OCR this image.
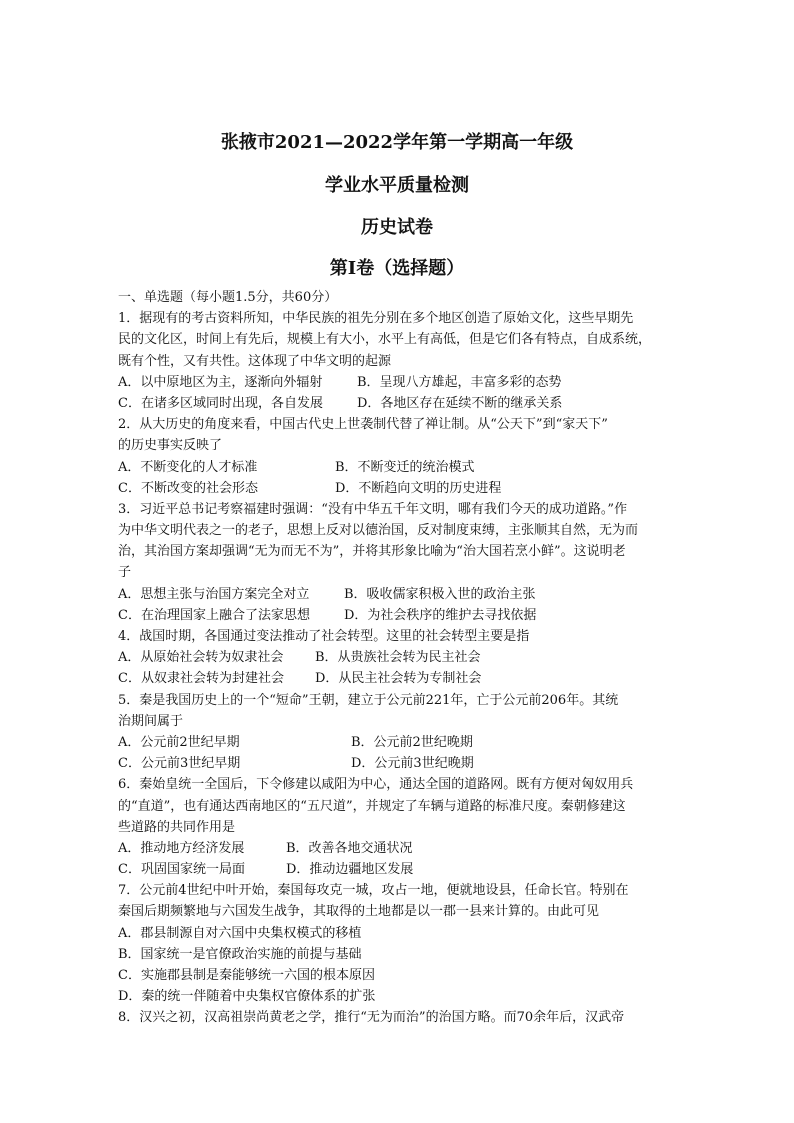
张掖市2021—2022学年第一学期高一年级
学业水平质量检测
历史试卷
第Ⅰ卷（选择题）
一、单选题（每小题1.5分，共60分）
1．据现有的考古资料所知，中华民族的祖先分别在多个地区创造了原始文化，这些早期先
民的文化区，时间上有先后，规模上有大小，水平上有高低，但是它们各有特点，自成系统，
既有个性，又有共性。这体现了中华文明的起源
A．以中原地区为主，逐渐向外辐射	B．呈现八方雄起，丰富多彩的态势
C．在诸多区域同时出现，各自发展	D．各地区存在延续不断的继承关系
2．从大历史的角度来看，中国古代史上世袭制代替了禅让制。从“公天下”到“家天下”
的历史事实反映了
A．不断变化的人才标准	B．不断变迁的统治模式
C．不断改变的社会形态	D．不断趋向文明的历史进程
3．习近平总书记考察福建时强调：“没有中华五千年文明，哪有我们今天的成功道路。”作
为中华文明代表之一的老子，思想上反对以德治国，反对制度束缚，主张顺其自然，无为而
治，其治国方案却强调“无为而无不为”，并将其形象比喻为“治大国若烹小鲜”。这说明老
子
A．思想主张与治国方案完全对立	B．吸收儒家积极入世的政治主张
C．在治理国家上融合了法家思想	D．为社会秩序的维护去寻找依据
4．战国时期，各国通过变法推动了社会转型。这里的社会转型主要是指
A．从原始社会转为奴隶社会	B．从贵族社会转为民主社会
C．从奴隶社会转为封建社会	D．从民主社会转为专制社会
5．秦是我国历史上的一个“短命”王朝，建立于公元前221年，亡于公元前206年。其统
治期间属于
A．公元前2世纪早期	B．公元前2世纪晚期
C．公元前3世纪早期	D．公元前3世纪晚期
6．秦始皇统一全国后，下令修建以咸阳为中心，通达全国的道路网。既有方便对匈奴用兵
的“直道”，也有通达西南地区的“五尺道”，并规定了车辆与道路的标准尺度。秦朝修建这
些道路的共同作用是
A．推动地方经济发展	B．改善各地交通状况
C．巩固国家统一局面	D．推动边疆地区发展
7．公元前4世纪中叶开始，秦国每攻克一城，攻占一地，便就地设县，任命长官。特别在
秦国后期频繁地与六国发生战争，其取得的土地都是以一郡一县来计算的。由此可见
A．郡县制源自对六国中央集权模式的移植
B．国家统一是官僚政治实施的前提与基础
C．实施郡县制是秦能够统一六国的根本原因
D．秦的统一伴随着中央集权官僚体系的扩张
8．汉兴之初，汉高祖崇尚黄老之学，推行“无为而治”的治国方略。而70余年后，汉武帝
